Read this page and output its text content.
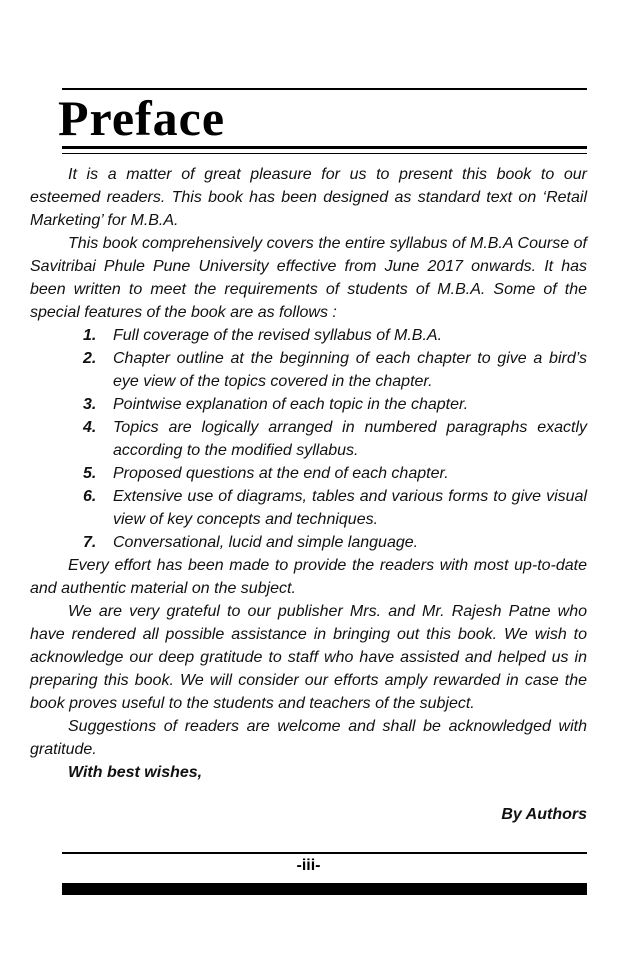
Preface

It is a matter of great pleasure for us to present this book to our esteemed readers. This book has been designed as standard text on ‘Retail Marketing’ for M.B.A.

This book comprehensively covers the entire syllabus of M.B.A Course of Savitribai Phule Pune University effective from June 2017 onwards. It has been written to meet the requirements of students of M.B.A. Some of the special features of the book are as follows :

1. Full coverage of the revised syllabus of M.B.A.
2. Chapter outline at the beginning of each chapter to give a bird’s eye view of the topics covered in the chapter.
3. Pointwise explanation of each topic in the chapter.
4. Topics are logically arranged in numbered paragraphs exactly according to the modified syllabus.
5. Proposed questions at the end of each chapter.
6. Extensive use of diagrams, tables and various forms to give visual view of key concepts and techniques.
7. Conversational, lucid and simple language.

Every effort has been made to provide the readers with most up-to-date and authentic material on the subject.

We are very grateful to our publisher Mrs. and Mr. Rajesh Patne who have rendered all possible assistance in bringing out this book. We wish to acknowledge our deep gratitude to staff who have assisted and helped us in preparing this book. We will consider our efforts amply rewarded in case the book proves useful to the students and teachers of the subject.

Suggestions of readers are welcome and shall be acknowledged with gratitude.

With best wishes,

By Authors

-iii-
